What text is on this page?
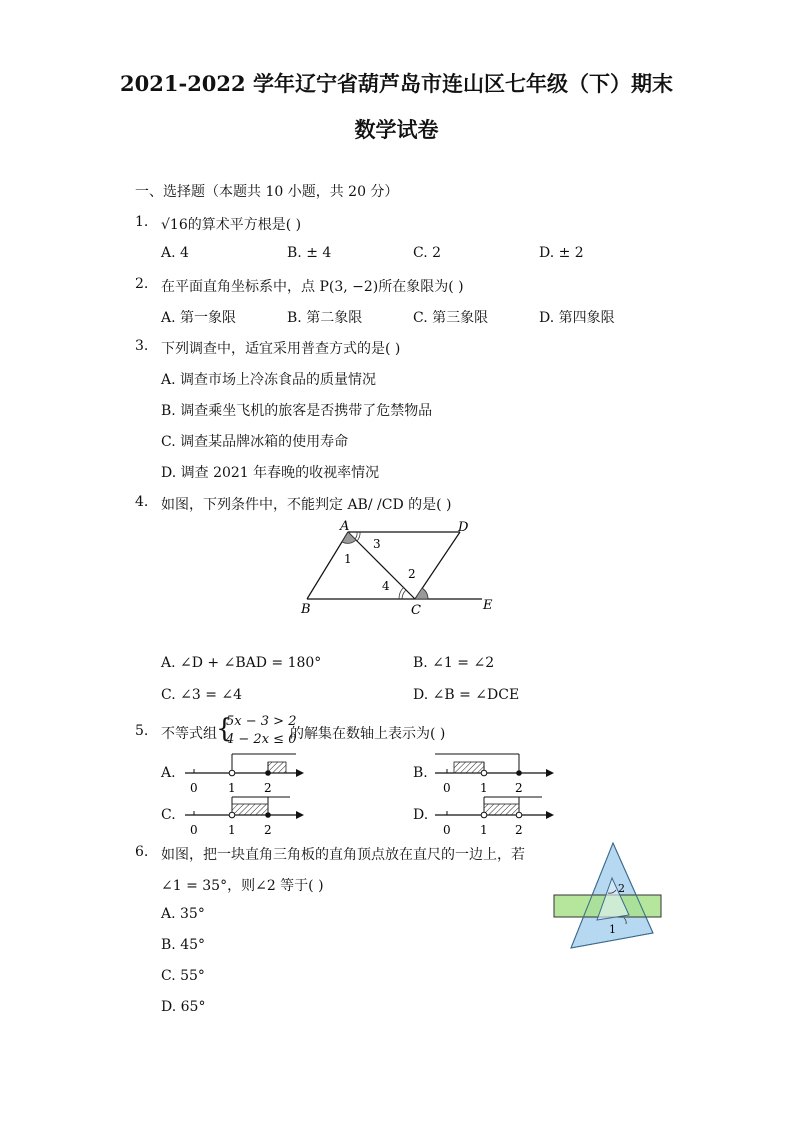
2021-2022 学年辽宁省葫芦岛市连山区七年级（下）期末
数学试卷
一、选择题（本题共 10 小题，共 20 分）
1. √16的算术平方根是( )
A. 4	B. ± 4	C. 2	D. ± 2
2. 在平面直角坐标系中，点 P(3, −2)所在象限为( )
A. 第一象限	B. 第二象限	C. 第三象限	D. 第四象限
3. 下列调查中，适宜采用普查方式的是( )
A. 调查市场上冷冻食品的质量情况
B. 调查乘坐飞机的旅客是否携带了危禁物品
C. 调查某品牌冰箱的使用寿命
D. 调查 2021 年春晚的收视率情况
4. 如图，下列条件中，不能判定 AB/ /CD 的是( )
A	D
B	C	E
1
2
3
4
A. ∠D + ∠BAD = 180°	B. ∠1 = ∠2
C. ∠3 = ∠4	D. ∠B = ∠DCE
5. 不等式组 {
5x − 3 > 2
4 − 2x ≤ 0
的解集在数轴上表示为( )
A.
0	1 2
B.
0 1 2
C.
0	1 2
D.
0 1 2
6. 如图，把一块直角三角板的直角顶点放在直尺的一边上，若
∠1 = 35°，则∠2 等于( )
A. 35°
B. 45°
C. 55°
D. 65°
2
1
